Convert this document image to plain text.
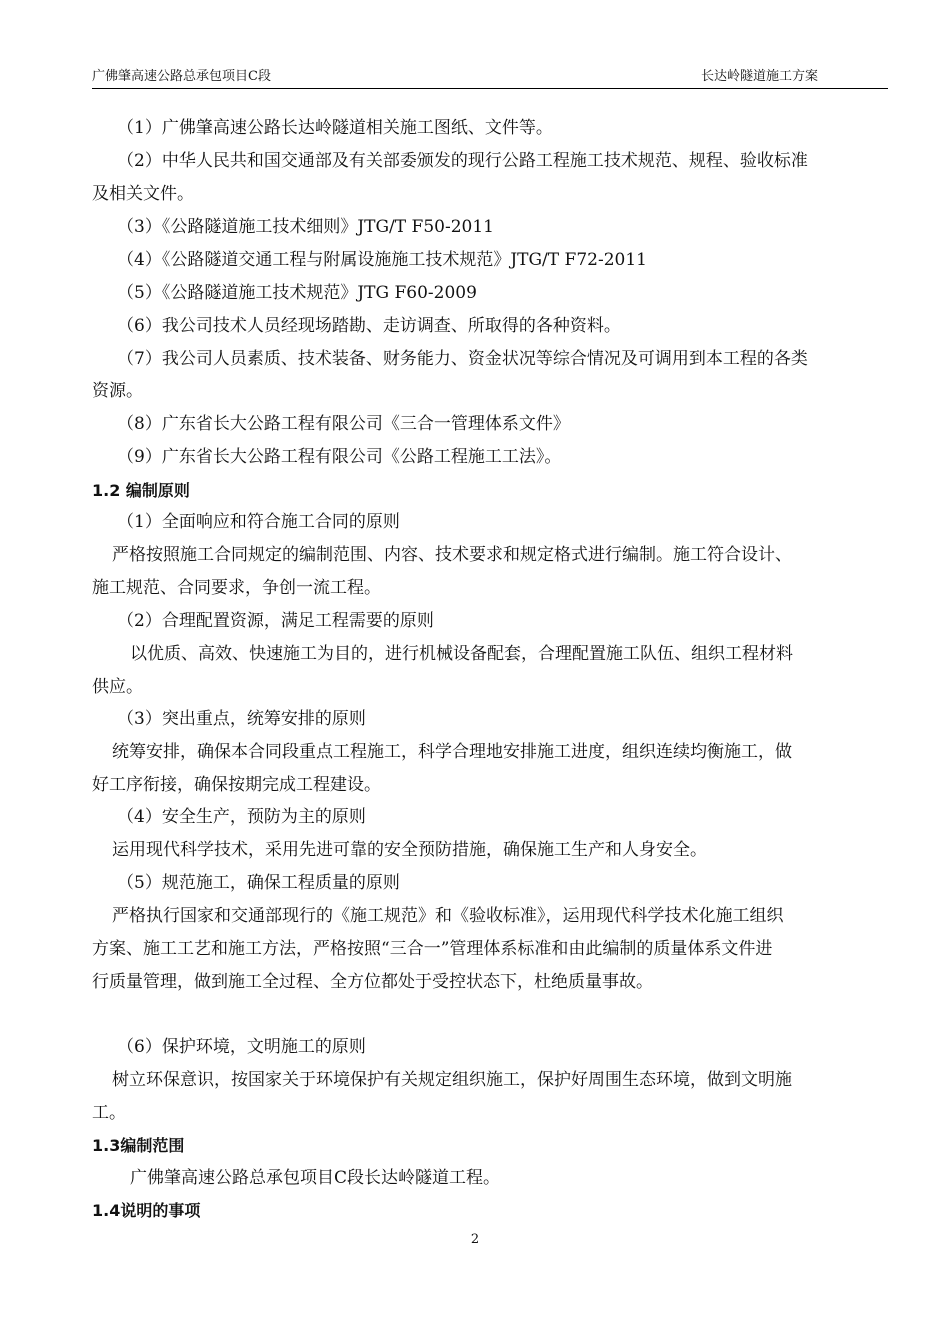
广佛肇高速公路总承包项目C段	长达岭隧道施工方案
（1）广佛肇高速公路长达岭隧道相关施工图纸、文件等。
（2）中华人民共和国交通部及有关部委颁发的现行公路工程施工技术规范、规程、验收标准
及相关文件。
（3）《公路隧道施工技术细则》JTG/T F50-2011
（4）《公路隧道交通工程与附属设施施工技术规范》JTG/T F72-2011
（5）《公路隧道施工技术规范》JTG F60-2009
（6）我公司技术人员经现场踏勘、走访调查、所取得的各种资料。
（7）我公司人员素质、技术装备、财务能力、资金状况等综合情况及可调用到本工程的各类
资源。
（8）广东省长大公路工程有限公司《三合一管理体系文件》
（9）广东省长大公路工程有限公司《公路工程施工工法》。
1.2 编制原则
（1）全面响应和符合施工合同的原则
严格按照施工合同规定的编制范围、内容、技术要求和规定格式进行编制。施工符合设计、
施工规范、合同要求，争创一流工程。
（2）合理配置资源，满足工程需要的原则
以优质、高效、快速施工为目的，进行机械设备配套，合理配置施工队伍、组织工程材料
供应。
（3）突出重点，统筹安排的原则
统筹安排，确保本合同段重点工程施工，科学合理地安排施工进度，组织连续均衡施工，做
好工序衔接，确保按期完成工程建设。
（4）安全生产，预防为主的原则
运用现代科学技术，采用先进可靠的安全预防措施，确保施工生产和人身安全。
（5）规范施工，确保工程质量的原则
严格执行国家和交通部现行的《施工规范》和《验收标准》，运用现代科学技术化施工组织
方案、施工工艺和施工方法，严格按照“三合一”管理体系标准和由此编制的质量体系文件进
行质量管理，做到施工全过程、全方位都处于受控状态下，杜绝质量事故。
（6）保护环境，文明施工的原则
树立环保意识，按国家关于环境保护有关规定组织施工，保护好周围生态环境，做到文明施
工。
1.3编制范围
广佛肇高速公路总承包项目C段长达岭隧道工程。
1.4说明的事项
2
